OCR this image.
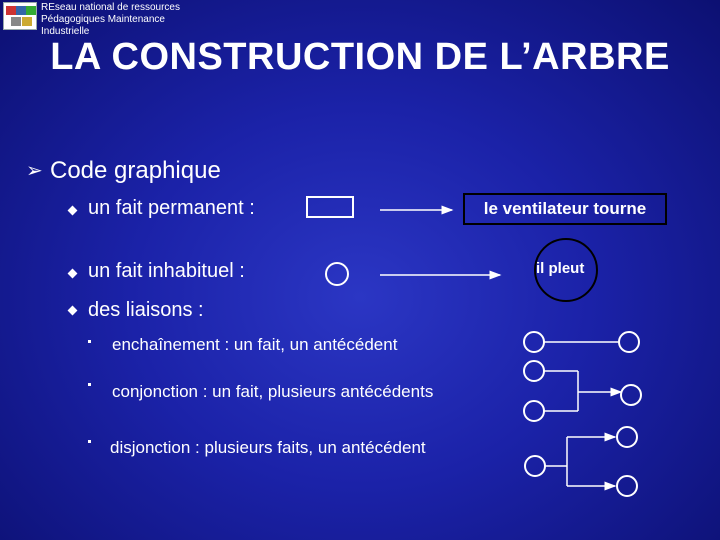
REseau national de ressources
Pédagogiques Maintenance
Industrielle
LA CONSTRUCTION DE L’ARBRE
➢ Code graphique
un fait permanent :	le ventilateur tourne
un fait inhabituel :	il pleut
des liaisons :
enchaînement : un fait, un antécédent
conjonction : un fait, plusieurs antécédents
disjonction : plusieurs faits, un antécédent
